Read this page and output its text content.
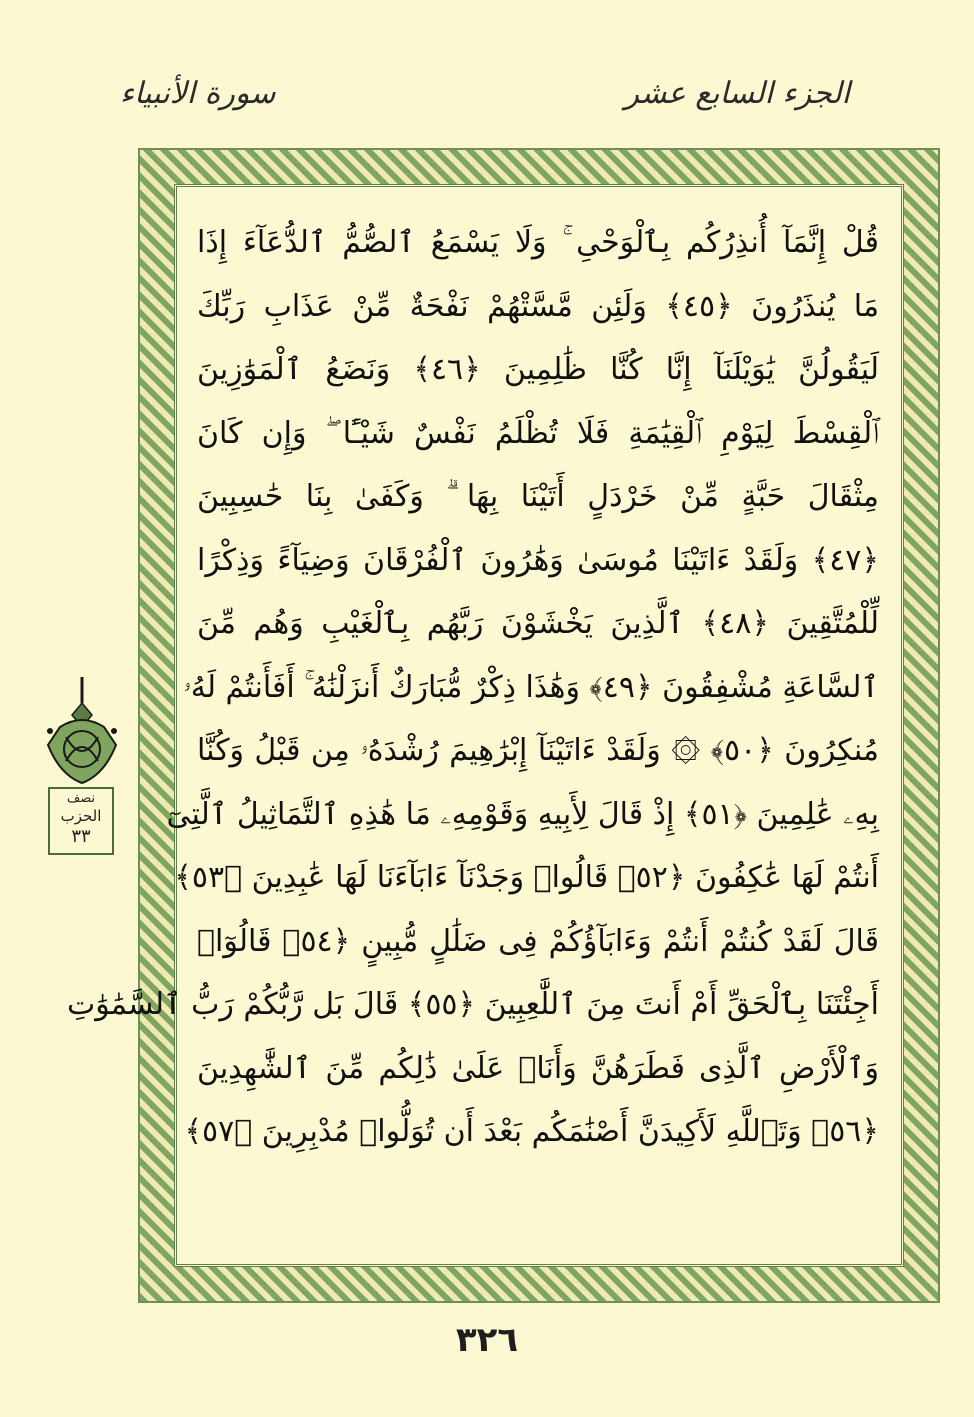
الجزء السابع عشر
سورة الأنبياء
قُلْ إِنَّمَآ أُنذِرُكُم بِٱلْوَحْىِ ۚ وَلَا يَسْمَعُ ٱلصُّمُّ ٱلدُّعَآءَ إِذَا
مَا يُنذَرُونَ ﴿٤٥﴾ وَلَئِن مَّسَّتْهُمْ نَفْحَةٌ مِّنْ عَذَابِ رَبِّكَ
لَيَقُولُنَّ يَٰوَيْلَنَآ إِنَّا كُنَّا ظَٰلِمِينَ ﴿٤٦﴾ وَنَضَعُ ٱلْمَوَٰزِينَ
ٱلْقِسْطَ لِيَوْمِ ٱلْقِيَٰمَةِ فَلَا تُظْلَمُ نَفْسٌ شَيْـًٔا ۖ وَإِن كَانَ
مِثْقَالَ حَبَّةٍ مِّنْ خَرْدَلٍ أَتَيْنَا بِهَا ۗ وَكَفَىٰ بِنَا حَٰسِبِينَ
﴿٤٧﴾ وَلَقَدْ ءَاتَيْنَا مُوسَىٰ وَهَٰرُونَ ٱلْفُرْقَانَ وَضِيَآءً وَذِكْرًا
لِّلْمُتَّقِينَ ﴿٤٨﴾ ٱلَّذِينَ يَخْشَوْنَ رَبَّهُم بِٱلْغَيْبِ وَهُم مِّنَ
ٱلسَّاعَةِ مُشْفِقُونَ ﴿٤٩﴾ وَهَٰذَا ذِكْرٌ مُّبَارَكٌ أَنزَلْنَٰهُ ۚ أَفَأَنتُمْ لَهُۥ
مُنكِرُونَ ﴿٥٠﴾ ۞ وَلَقَدْ ءَاتَيْنَآ إِبْرَٰهِيمَ رُشْدَهُۥ مِن قَبْلُ وَكُنَّا
بِهِۦ عَٰلِمِينَ ﴿٥١﴾ إِذْ قَالَ لِأَبِيهِ وَقَوْمِهِۦ مَا هَٰذِهِ ٱلتَّمَاثِيلُ ٱلَّتِىٓ
أَنتُمْ لَهَا عَٰكِفُونَ ﴿٥٢﴾ قَالُوا۟ وَجَدْنَآ ءَابَآءَنَا لَهَا عَٰبِدِينَ ﴿٥٣﴾
قَالَ لَقَدْ كُنتُمْ أَنتُمْ وَءَابَآؤُكُمْ فِى ضَلَٰلٍ مُّبِينٍ ﴿٥٤﴾ قَالُوٓا۟
أَجِئْتَنَا بِٱلْحَقِّ أَمْ أَنتَ مِنَ ٱللَّٰعِبِينَ ﴿٥٥﴾ قَالَ بَل رَّبُّكُمْ رَبُّ ٱلسَّمَٰوَٰتِ
وَٱلْأَرْضِ ٱلَّذِى فَطَرَهُنَّ وَأَنَا۠ عَلَىٰ ذَٰلِكُم مِّنَ ٱلشَّٰهِدِينَ
﴿٥٦﴾ وَتَٱللَّهِ لَأَكِيدَنَّ أَصْنَٰمَكُم بَعْدَ أَن تُوَلُّوا۟ مُدْبِرِينَ ﴿٥٧﴾
نصف
الحزب
٣٣
٣٢٦
